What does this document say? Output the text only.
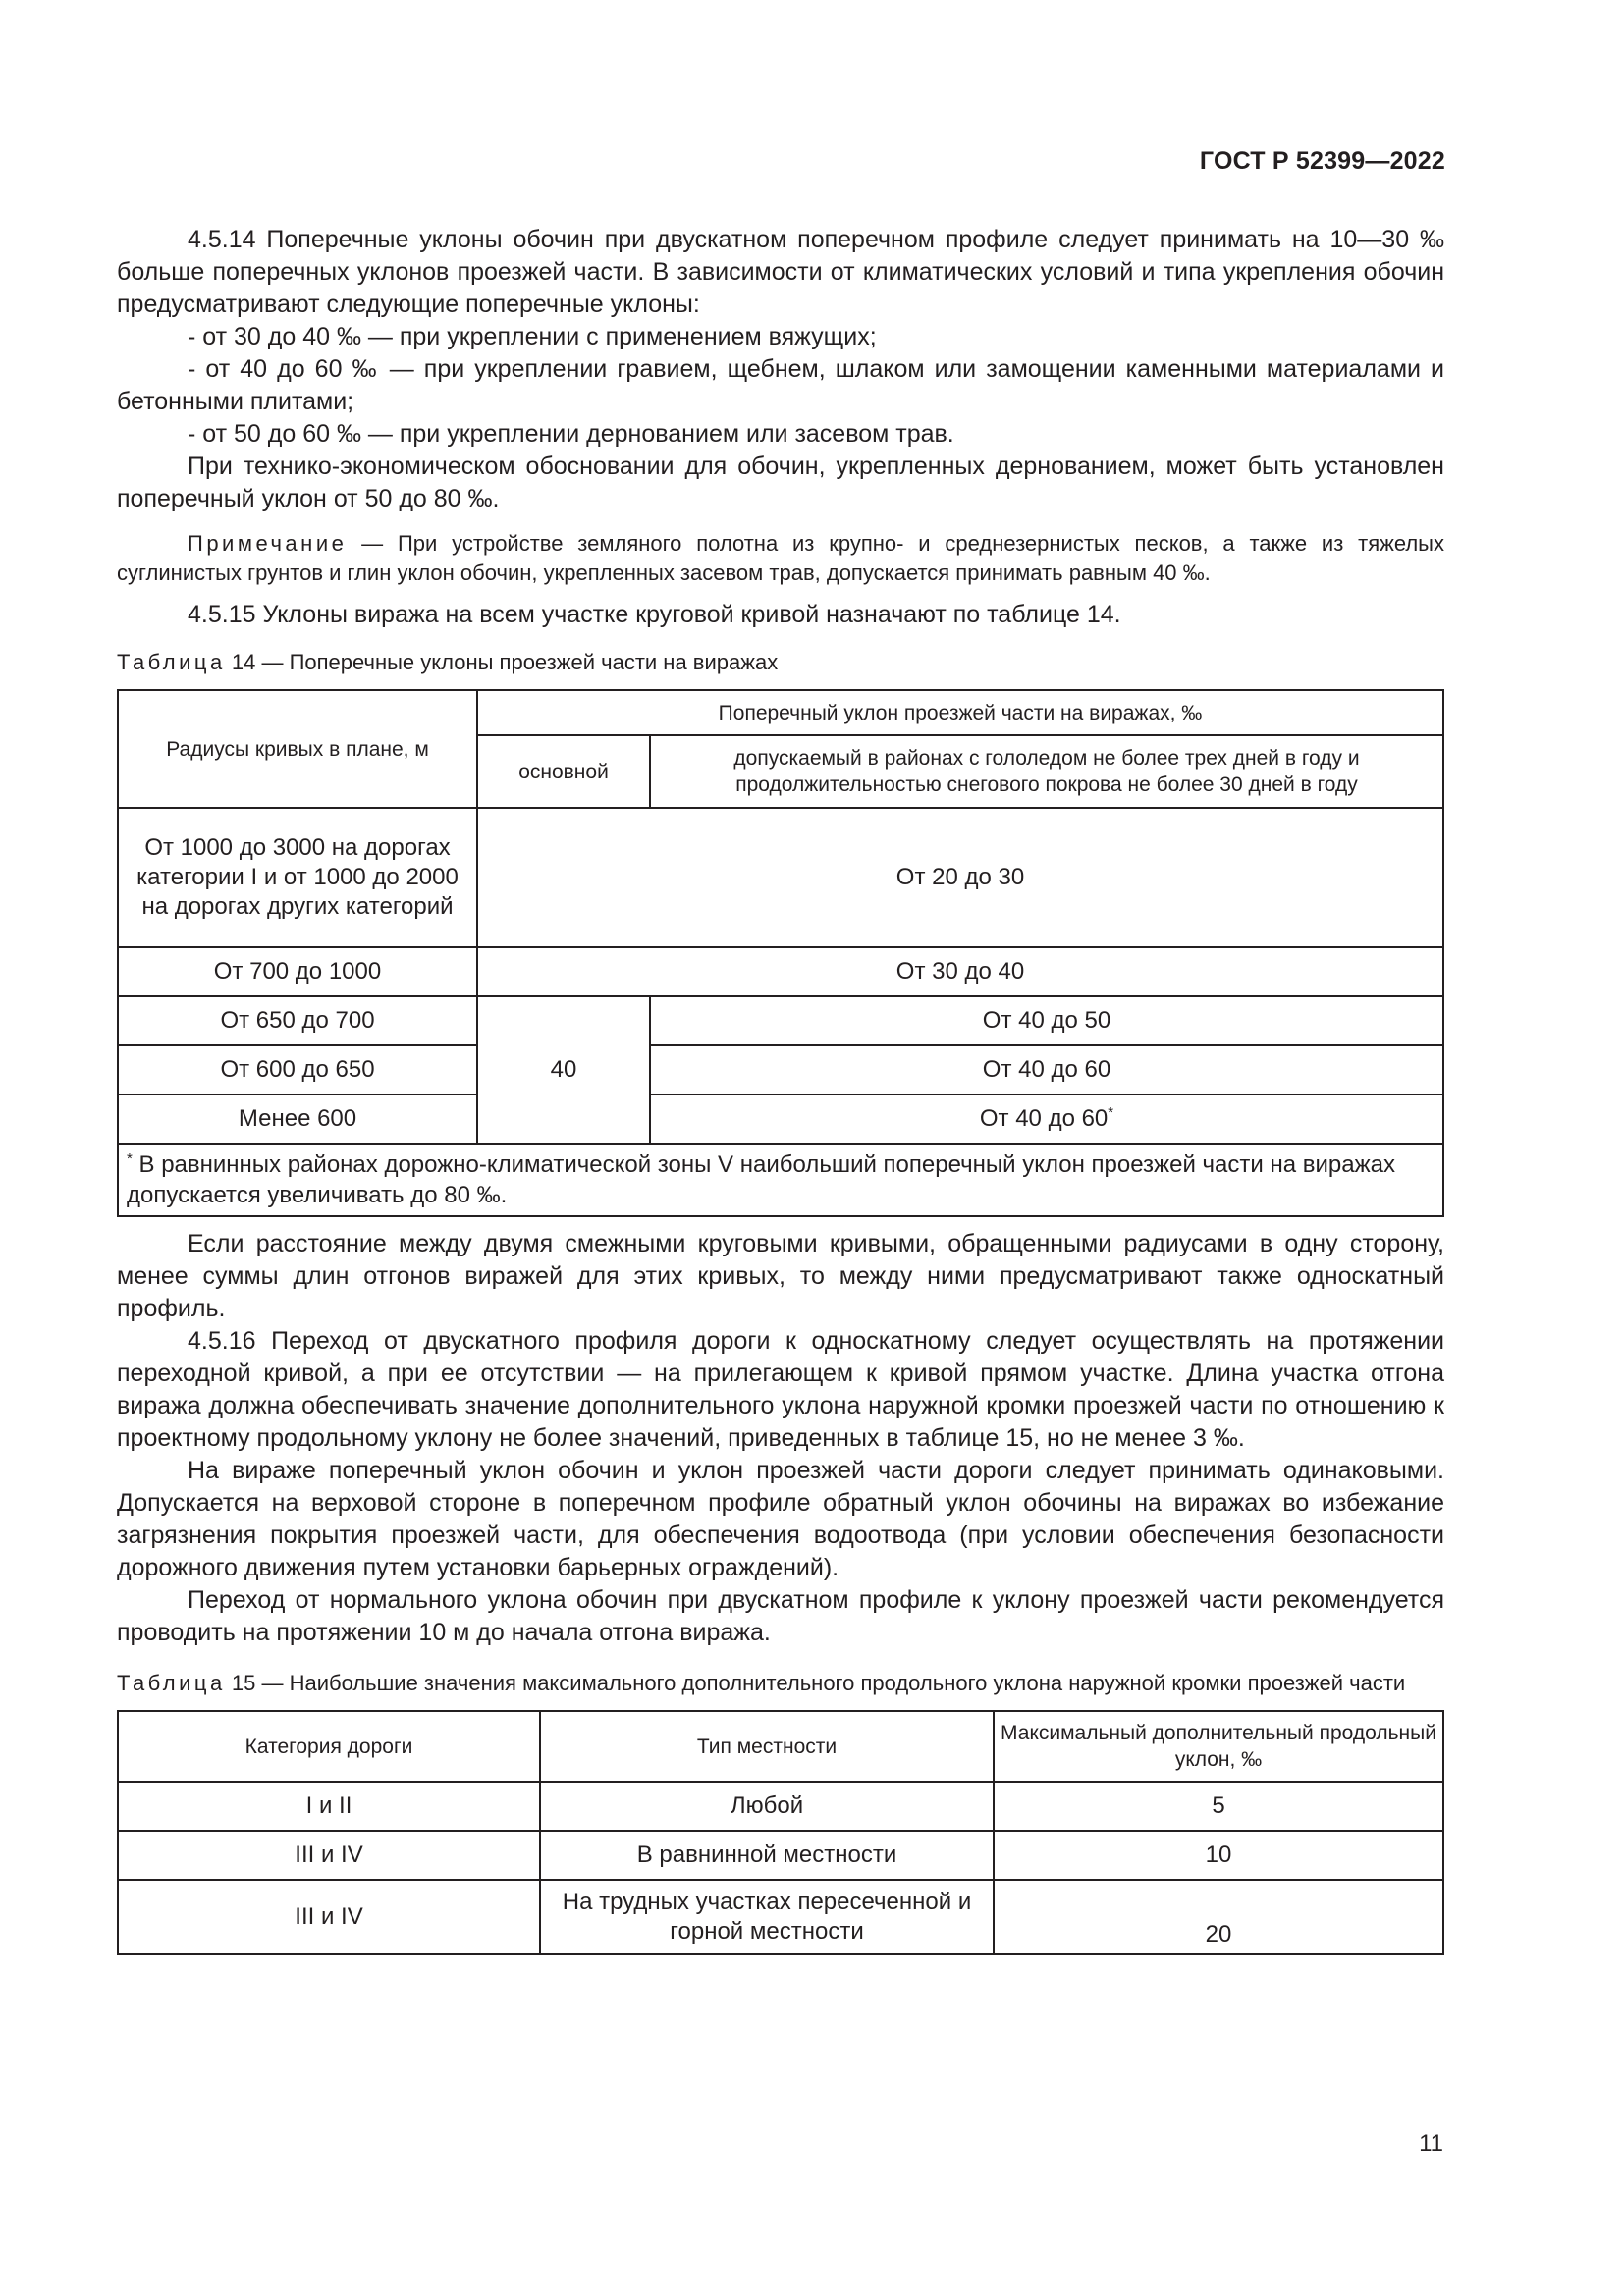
ГОСТ Р 52399—2022

4.5.14 Поперечные уклоны обочин при двускатном поперечном профиле следует принимать на 10—30 ‰ больше поперечных уклонов проезжей части. В зависимости от климатических условий и типа укрепления обочин предусматривают следующие поперечные уклоны:

- от 30 до 40 ‰ — при укреплении с применением вяжущих;

- от 40 до 60 ‰ — при укреплении гравием, щебнем, шлаком или замощении каменными материалами и бетонными плитами;

- от 50 до 60 ‰ — при укреплении дернованием или засевом трав.

При технико-экономическом обосновании для обочин, укрепленных дернованием, может быть установлен поперечный уклон от 50 до 80 ‰.

Примечание — При устройстве земляного полотна из крупно- и среднезернистых песков, а также из тяжелых суглинистых грунтов и глин уклон обочин, укрепленных засевом трав, допускается принимать равным 40 ‰.

4.5.15 Уклоны виража на всем участке круговой кривой назначают по таблице 14.

Таблица 14 — Поперечные уклоны проезжей части на виражах

Радиусы кривых в плане, м	Поперечный уклон проезжей части на виражах, ‰	
	основной	допускаемый в районах с гололедом не более трех дней в году и продолжительностью снегового покрова не более 30 дней в году
От 1000 до 3000 на дорогах категории I и от 1000 до 2000 на дорогах других категорий	От 20 до 30	
От 700 до 1000	От 30 до 40	
От 650 до 700	40	От 40 до 50
От 600 до 650		От 40 до 60
Менее 600		От 40 до 60*
* В равнинных районах дорожно-климатической зоны V наибольший поперечный уклон проезжей части на виражах допускается увеличивать до 80 ‰.		

Если расстояние между двумя смежными круговыми кривыми, обращенными радиусами в одну сторону, менее суммы длин отгонов виражей для этих кривых, то между ними предусматривают также односкатный профиль.

4.5.16 Переход от двускатного профиля дороги к односкатному следует осуществлять на протяжении переходной кривой, а при ее отсутствии — на прилегающем к кривой прямом участке. Длина участка отгона виража должна обеспечивать значение дополнительного уклона наружной кромки проезжей части по отношению к проектному продольному уклону не более значений, приведенных в таблице 15, но не менее 3 ‰.

На вираже поперечный уклон обочин и уклон проезжей части дороги следует принимать одинаковыми. Допускается на верховой стороне в поперечном профиле обратный уклон обочины на виражах во избежание загрязнения покрытия проезжей части, для обеспечения водоотвода (при условии обеспечения безопасности дорожного движения путем установки барьерных ограждений).

Переход от нормального уклона обочин при двускатном профиле к уклону проезжей части рекомендуется проводить на протяжении 10 м до начала отгона виража.

Таблица 15 — Наибольшие значения максимального дополнительного продольного уклона наружной кромки проезжей части

Категория дороги	Тип местности	Максимальный дополнительный продольный уклон, ‰
I и II	Любой	5
III и IV	В равнинной местности	10
III и IV	На трудных участках пересеченной и горной местности	20
11
